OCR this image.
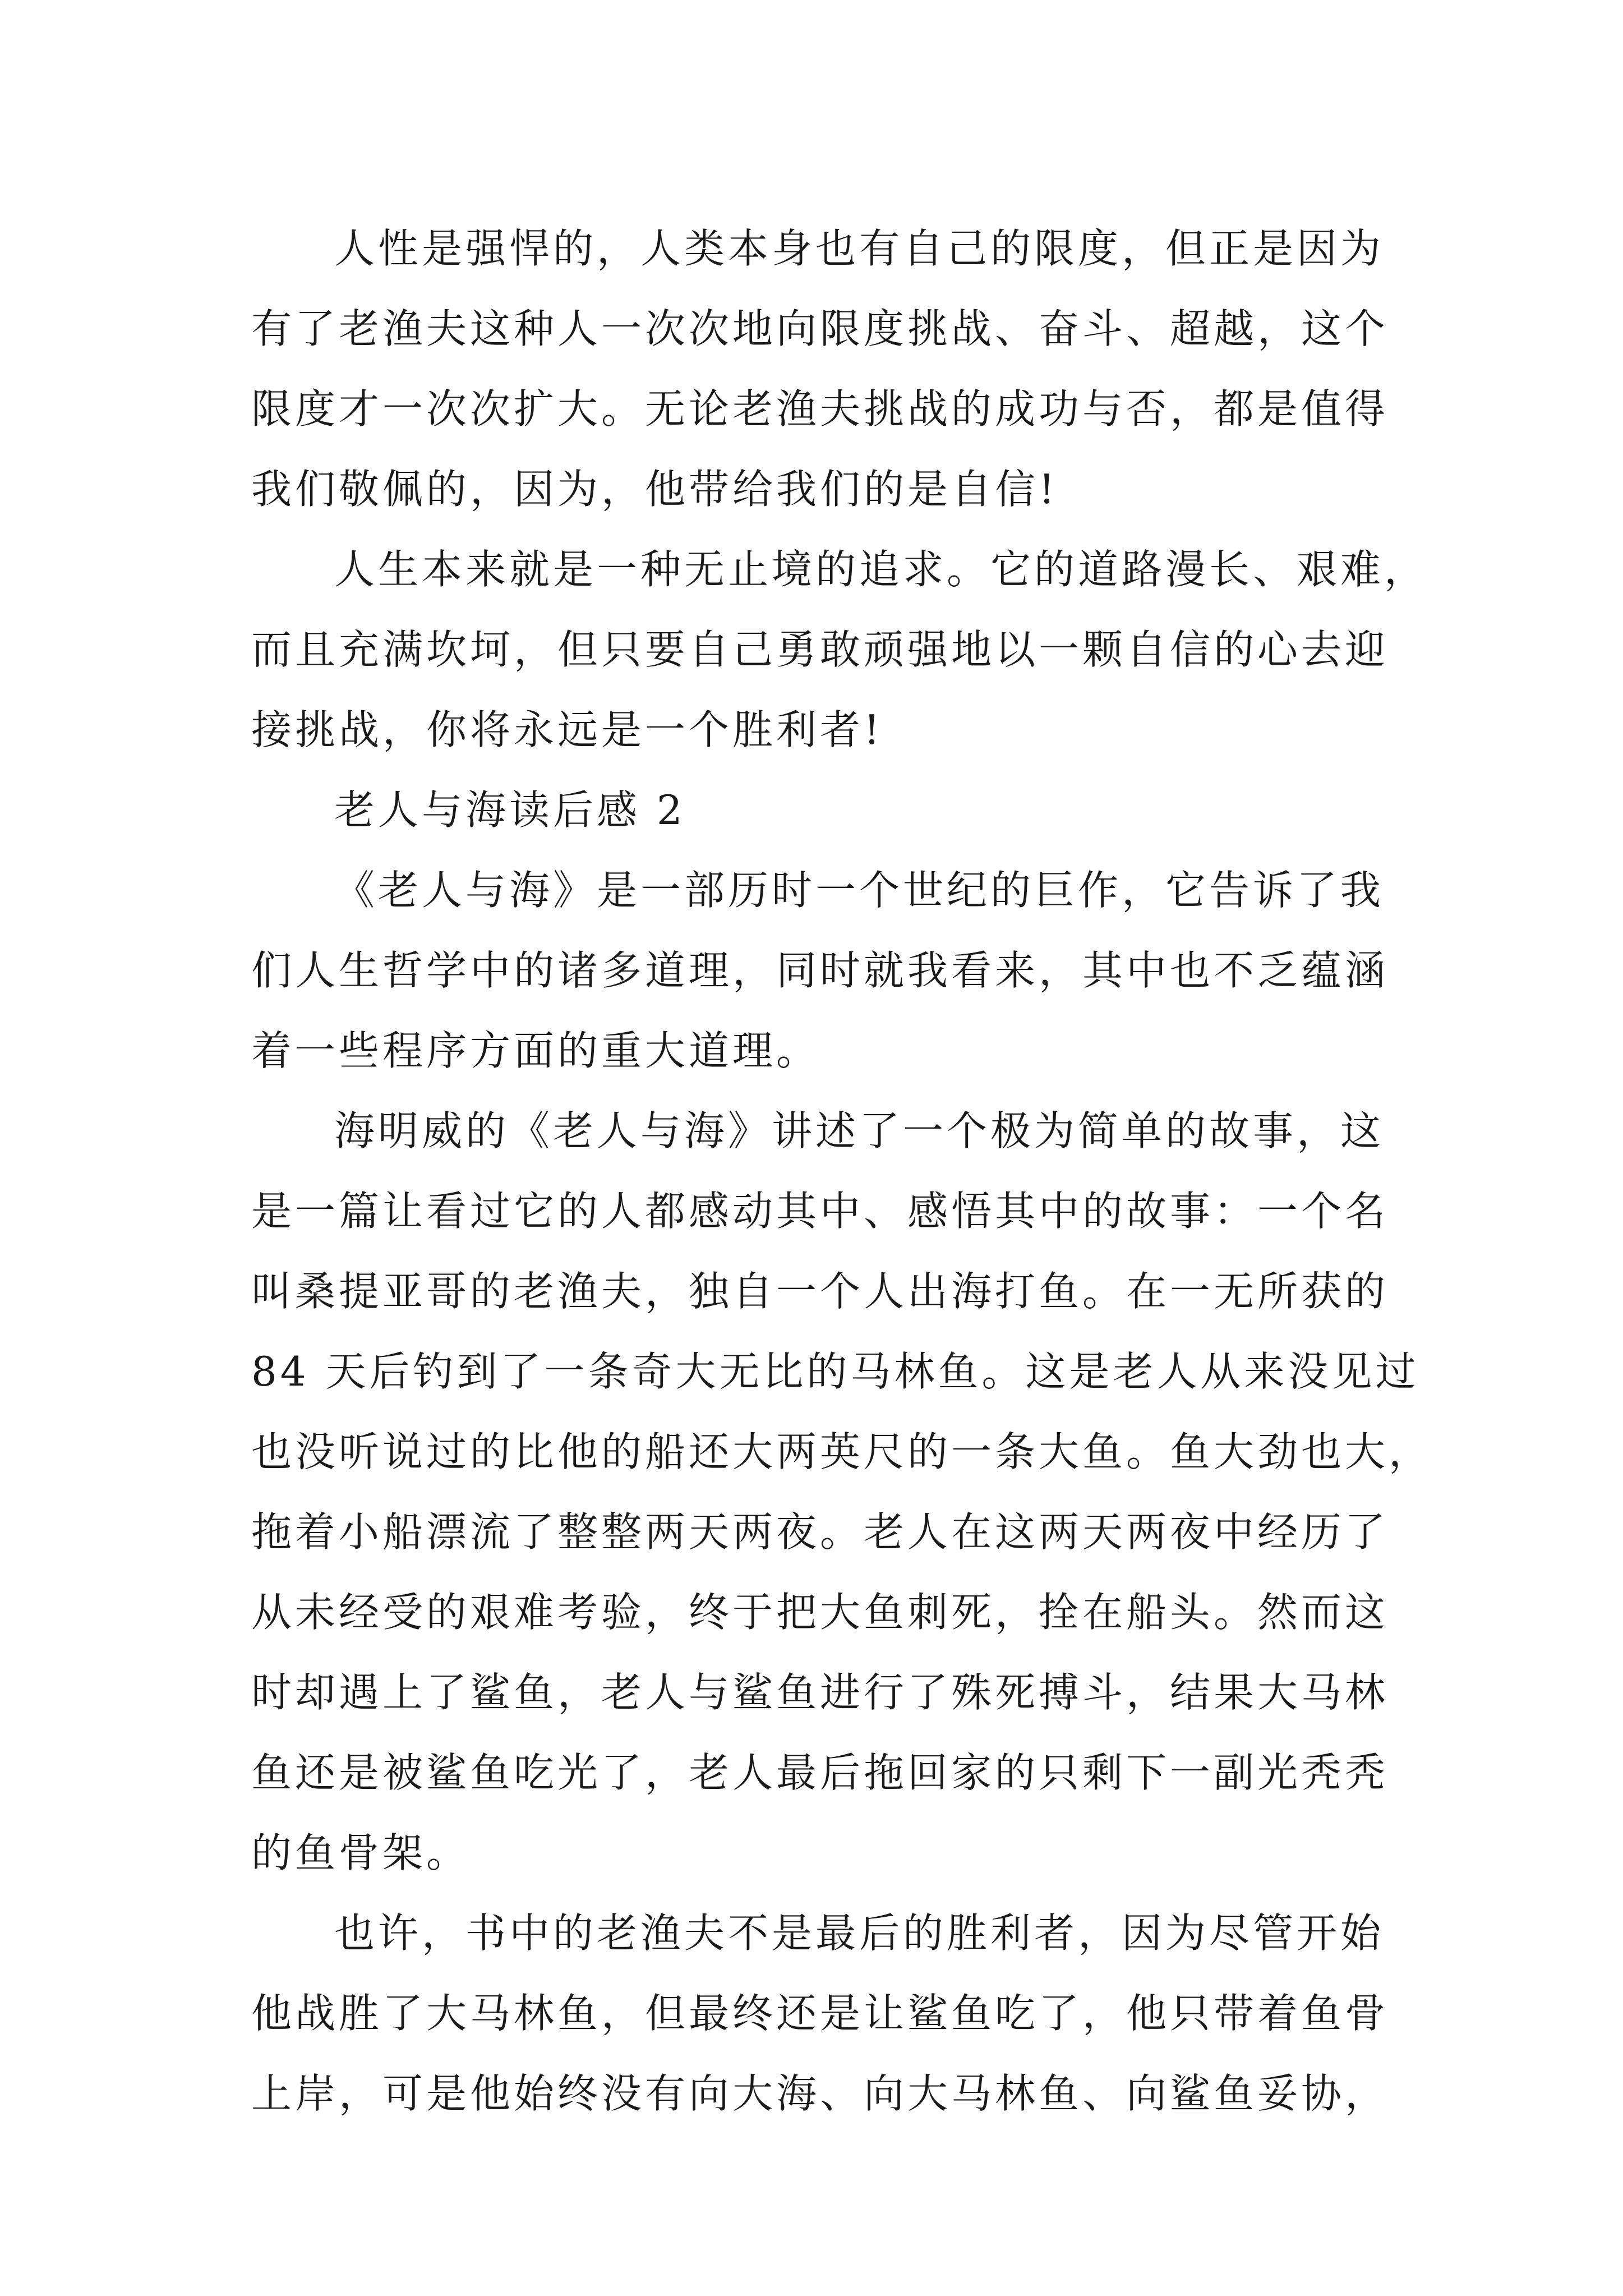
人性是强悍的，人类本身也有自己的限度，但正是因为
有了老渔夫这种人一次次地向限度挑战、奋斗、超越，这个
限度才一次次扩大。无论老渔夫挑战的成功与否，都是值得
我们敬佩的，因为，他带给我们的是自信!
人生本来就是一种无止境的追求。它的道路漫长、艰难，
而且充满坎坷，但只要自己勇敢顽强地以一颗自信的心去迎
接挑战，你将永远是一个胜利者!
老人与海读后感 2
《老人与海》是一部历时一个世纪的巨作，它告诉了我
们人生哲学中的诸多道理，同时就我看来，其中也不乏蕴涵
着一些程序方面的重大道理。
海明威的《老人与海》讲述了一个极为简单的故事，这
是一篇让看过它的人都感动其中、感悟其中的故事：一个名
叫桑提亚哥的老渔夫，独自一个人出海打鱼。在一无所获的
84 天后钓到了一条奇大无比的马林鱼。这是老人从来没见过
也没听说过的比他的船还大两英尺的一条大鱼。鱼大劲也大，
拖着小船漂流了整整两天两夜。老人在这两天两夜中经历了
从未经受的艰难考验，终于把大鱼刺死，拴在船头。然而这
时却遇上了鲨鱼，老人与鲨鱼进行了殊死搏斗，结果大马林
鱼还是被鲨鱼吃光了，老人最后拖回家的只剩下一副光秃秃
的鱼骨架。
也许，书中的老渔夫不是最后的胜利者，因为尽管开始
他战胜了大马林鱼，但最终还是让鲨鱼吃了，他只带着鱼骨
上岸，可是他始终没有向大海、向大马林鱼、向鲨鱼妥协，
